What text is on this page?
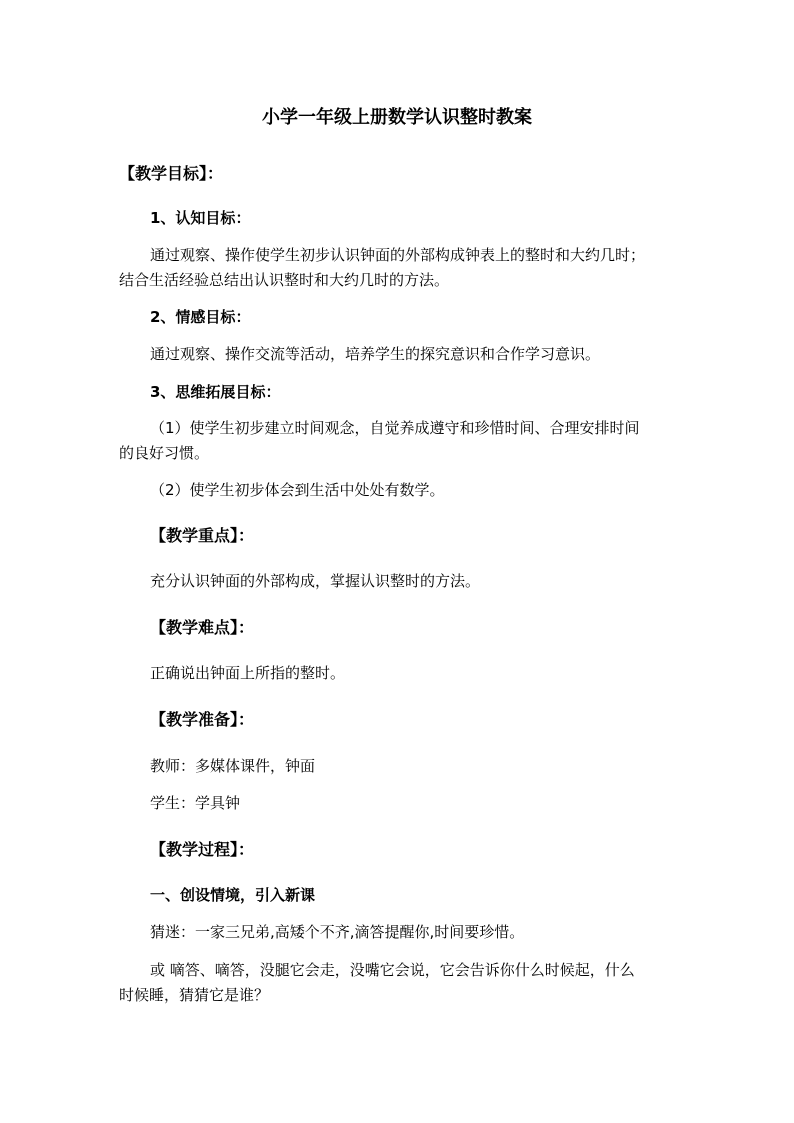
小学一年级上册数学认识整时教案
【教学目标】：
1、认知目标：
通过观察、操作使学生初步认识钟面的外部构成钟表上的整时和大约几时；
结合生活经验总结出认识整时和大约几时的方法。
2、情感目标：
通过观察、操作交流等活动，培养学生的探究意识和合作学习意识。
3、思维拓展目标：
（1）使学生初步建立时间观念，自觉养成遵守和珍惜时间、合理安排时间
的良好习惯。
（2）使学生初步体会到生活中处处有数学。
【教学重点】：
充分认识钟面的外部构成，掌握认识整时的方法。
【教学难点】：
正确说出钟面上所指的整时。
【教学准备】：
教师：多媒体课件，钟面
学生：学具钟
【教学过程】：
一、创设情境，引入新课
猜迷：一家三兄弟,高矮个不齐,滴答提醒你,时间要珍惜。
或 嘀答、嘀答，没腿它会走，没嘴它会说，它会告诉你什么时候起，什么
时候睡，猜猜它是谁？
